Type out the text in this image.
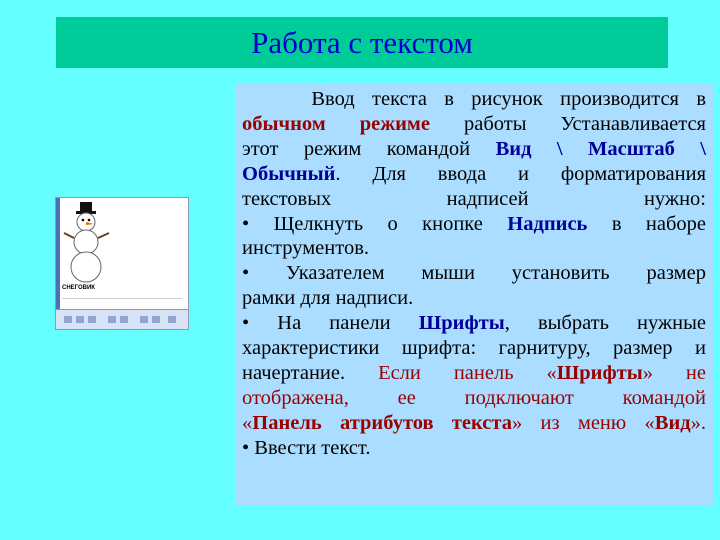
Работа с текстом
СНЕГОВИК
Ввод текста в рисунок производится в
обычном режиме работы Устанавливается
этот режим командой Вид \ Масштаб \
Обычный. Для ввода и форматирования
текстовых надписей нужно:
• Щелкнуть о кнопке Надпись в наборе
инструментов.
• Указателем мыши установить размер
рамки для надписи.
• На панели Шрифты, выбрать нужные
характеристики шрифта: гарнитуру, размер и
начертание. Если панель «Шрифты» не
отображена, ее подключают командой
«Панель атрибутов текста» из меню «Вид».
• Ввести текст.
